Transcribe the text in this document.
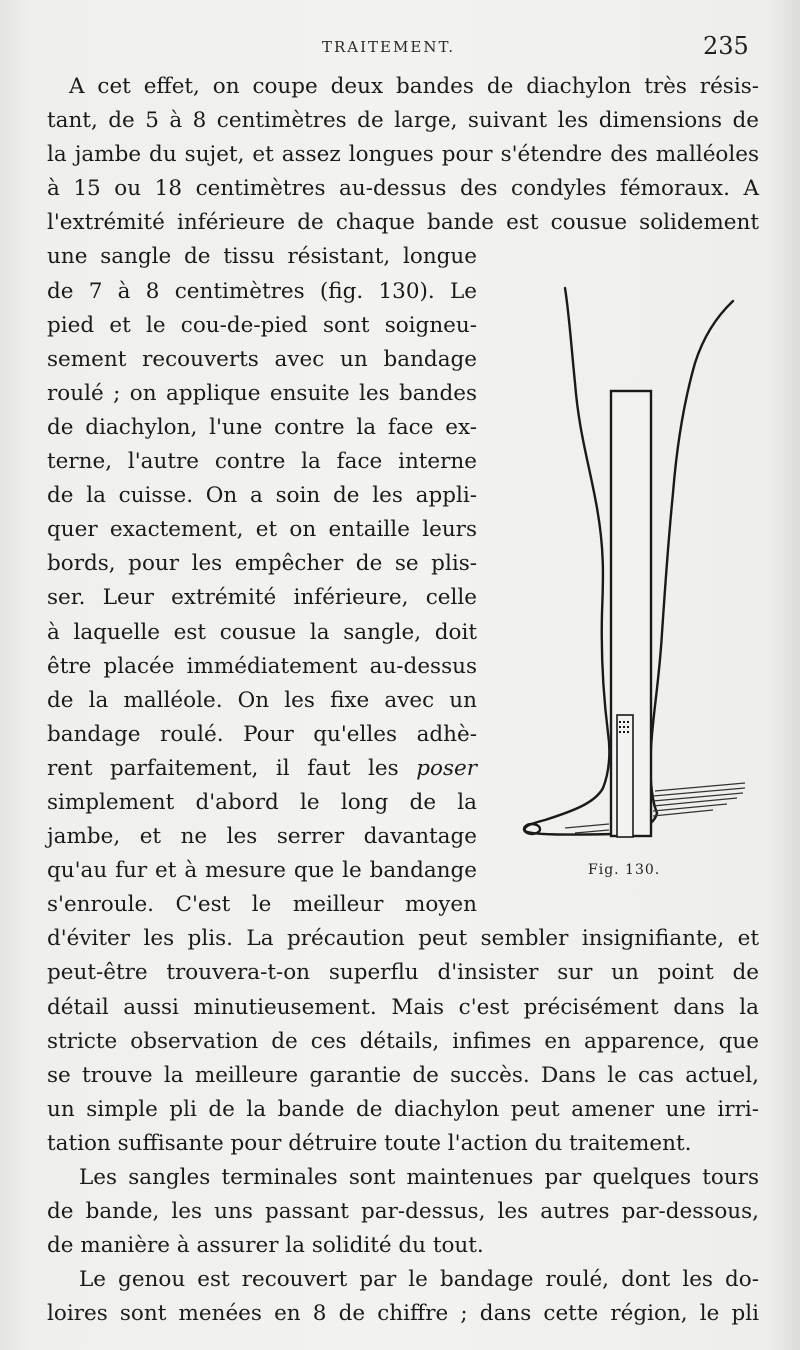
TRAITEMENT.	235

A cet effet, on coupe deux bandes de diachylon très résis-
tant, de 5 à 8 centimètres de large, suivant les dimensions de
la jambe du sujet, et assez longues pour s'étendre des malléoles
à 15 ou 18 centimètres au-dessus des condyles fémoraux. A
l'extrémité inférieure de chaque bande est cousue solidement
une sangle de tissu résistant, longue
de 7 à 8 centimètres (fig. 130). Le
pied et le cou-de-pied sont soigneu-
sement recouverts avec un bandage
roulé ; on applique ensuite les bandes
de diachylon, l'une contre la face ex-
terne, l'autre contre la face interne
de la cuisse. On a soin de les appli-
quer exactement, et on entaille leurs
bords, pour les empêcher de se plis-
ser. Leur extrémité inférieure, celle
à laquelle est cousue la sangle, doit
être placée immédiatement au-dessus
de la malléole. On les fixe avec un
bandage roulé. Pour qu'elles adhè-
rent parfaitement, il faut les poser
simplement d'abord le long de la
jambe, et ne les serrer davantage
qu'au fur et à mesure que le bandange
s'enroule. C'est le meilleur moyen
d'éviter les plis. La précaution peut sembler insignifiante, et
peut-être trouvera-t-on superflu d'insister sur un point de
détail aussi minutieusement. Mais c'est précisément dans la
stricte observation de ces détails, infimes en apparence, que
se trouve la meilleure garantie de succès. Dans le cas actuel,
un simple pli de la bande de diachylon peut amener une irri-
tation suffisante pour détruire toute l'action du traitement.

Les sangles terminales sont maintenues par quelques tours
de bande, les uns passant par-dessus, les autres par-dessous,
de manière à assurer la solidité du tout.

Le genou est recouvert par le bandage roulé, dont les do-
loires sont menées en 8 de chiffre ; dans cette région, le pli

Fig. 130.
